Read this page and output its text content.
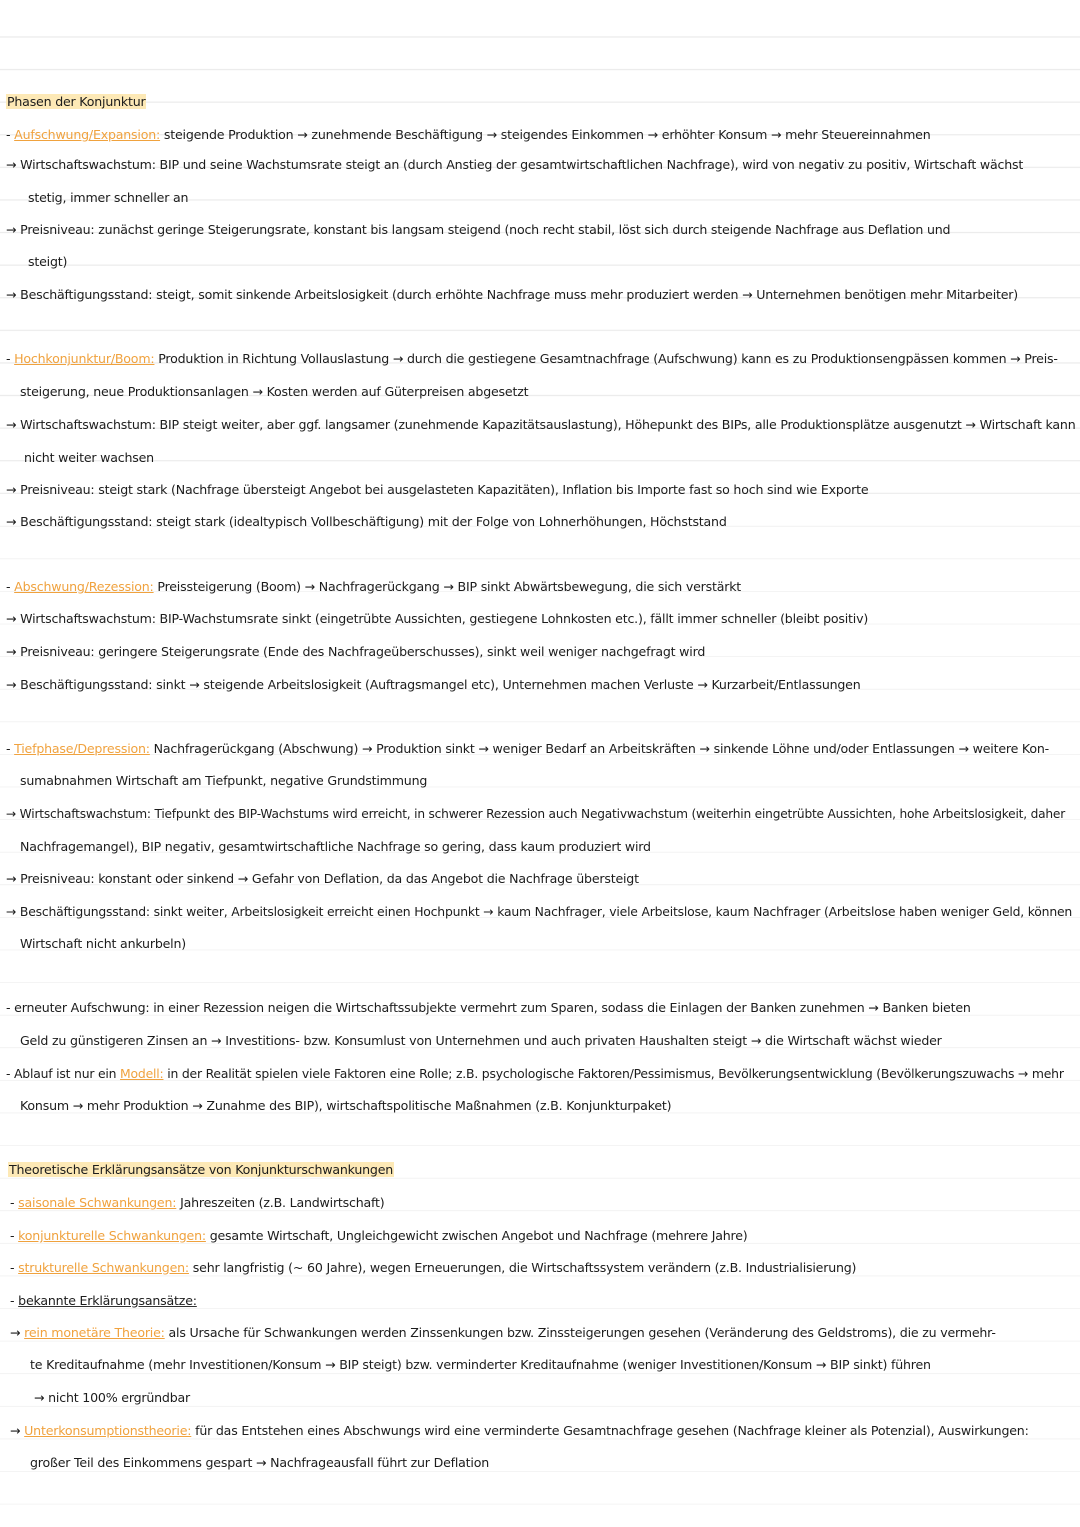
Phasen der Konjunktur
- Aufschwung/Expansion: steigende Produktion → zunehmende Beschäftigung → steigendes Einkommen → erhöhter Konsum → mehr Steuereinnahmen
→ Wirtschaftswachstum: BIP und seine Wachstumsrate steigt an (durch Anstieg der gesamtwirtschaftlichen Nachfrage), wird von negativ zu positiv, Wirtschaft wächst
stetig, immer schneller an
→ Preisniveau: zunächst geringe Steigerungsrate, konstant bis langsam steigend (noch recht stabil, löst sich durch steigende Nachfrage aus Deflation und
steigt)
→ Beschäftigungsstand: steigt, somit sinkende Arbeitslosigkeit (durch erhöhte Nachfrage muss mehr produziert werden → Unternehmen benötigen mehr Mitarbeiter)
- Hochkonjunktur/Boom: Produktion in Richtung Vollauslastung → durch die gestiegene Gesamtnachfrage (Aufschwung) kann es zu Produktionsengpässen kommen → Preis-
steigerung, neue Produktionsanlagen → Kosten werden auf Güterpreisen abgesetzt
→ Wirtschaftswachstum: BIP steigt weiter, aber ggf. langsamer (zunehmende Kapazitätsauslastung), Höhepunkt des BIPs, alle Produktionsplätze ausgenutzt → Wirtschaft kann
nicht weiter wachsen
→ Preisniveau: steigt stark (Nachfrage übersteigt Angebot bei ausgelasteten Kapazitäten), Inflation bis Importe fast so hoch sind wie Exporte
→ Beschäftigungsstand: steigt stark (idealtypisch Vollbeschäftigung) mit der Folge von Lohnerhöhungen, Höchststand
- Abschwung/Rezession: Preissteigerung (Boom) → Nachfragerückgang → BIP sinkt Abwärtsbewegung, die sich verstärkt
→ Wirtschaftswachstum: BIP-Wachstumsrate sinkt (eingetrübte Aussichten, gestiegene Lohnkosten etc.), fällt immer schneller (bleibt positiv)
→ Preisniveau: geringere Steigerungsrate (Ende des Nachfrageüberschusses), sinkt weil weniger nachgefragt wird
→ Beschäftigungsstand: sinkt → steigende Arbeitslosigkeit (Auftragsmangel etc), Unternehmen machen Verluste → Kurzarbeit/Entlassungen
- Tiefphase/Depression: Nachfragerückgang (Abschwung) → Produktion sinkt → weniger Bedarf an Arbeitskräften → sinkende Löhne und/oder Entlassungen → weitere Kon-
sumabnahmen Wirtschaft am Tiefpunkt, negative Grundstimmung
→ Wirtschaftswachstum: Tiefpunkt des BIP-Wachstums wird erreicht, in schwerer Rezession auch Negativwachstum (weiterhin eingetrübte Aussichten, hohe Arbeitslosigkeit, daher
Nachfragemangel), BIP negativ, gesamtwirtschaftliche Nachfrage so gering, dass kaum produziert wird
→ Preisniveau: konstant oder sinkend → Gefahr von Deflation, da das Angebot die Nachfrage übersteigt
→ Beschäftigungsstand: sinkt weiter, Arbeitslosigkeit erreicht einen Hochpunkt → kaum Nachfrager, viele Arbeitslose, kaum Nachfrager (Arbeitslose haben weniger Geld, können
Wirtschaft nicht ankurbeln)
- erneuter Aufschwung: in einer Rezession neigen die Wirtschaftssubjekte vermehrt zum Sparen, sodass die Einlagen der Banken zunehmen → Banken bieten
Geld zu günstigeren Zinsen an → Investitions- bzw. Konsumlust von Unternehmen und auch privaten Haushalten steigt → die Wirtschaft wächst wieder
- Ablauf ist nur ein Modell: in der Realität spielen viele Faktoren eine Rolle; z.B. psychologische Faktoren/Pessimismus, Bevölkerungsentwicklung (Bevölkerungszuwachs → mehr
Konsum → mehr Produktion → Zunahme des BIP), wirtschaftspolitische Maßnahmen (z.B. Konjunkturpaket)
Theoretische Erklärungsansätze von Konjunkturschwankungen
- saisonale Schwankungen: Jahreszeiten (z.B. Landwirtschaft)
- konjunkturelle Schwankungen: gesamte Wirtschaft, Ungleichgewicht zwischen Angebot und Nachfrage (mehrere Jahre)
- strukturelle Schwankungen: sehr langfristig (~ 60 Jahre), wegen Erneuerungen, die Wirtschaftssystem verändern (z.B. Industrialisierung)
- bekannte Erklärungsansätze:
→ rein monetäre Theorie: als Ursache für Schwankungen werden Zinssenkungen bzw. Zinssteigerungen gesehen (Veränderung des Geldstroms), die zu vermehr-
te Kreditaufnahme (mehr Investitionen/Konsum → BIP steigt) bzw. verminderter Kreditaufnahme (weniger Investitionen/Konsum → BIP sinkt) führen
→ nicht 100% ergründbar
→ Unterkonsumptionstheorie: für das Entstehen eines Abschwungs wird eine verminderte Gesamtnachfrage gesehen (Nachfrage kleiner als Potenzial), Auswirkungen:
großer Teil des Einkommens gespart → Nachfrageausfall führt zur Deflation
